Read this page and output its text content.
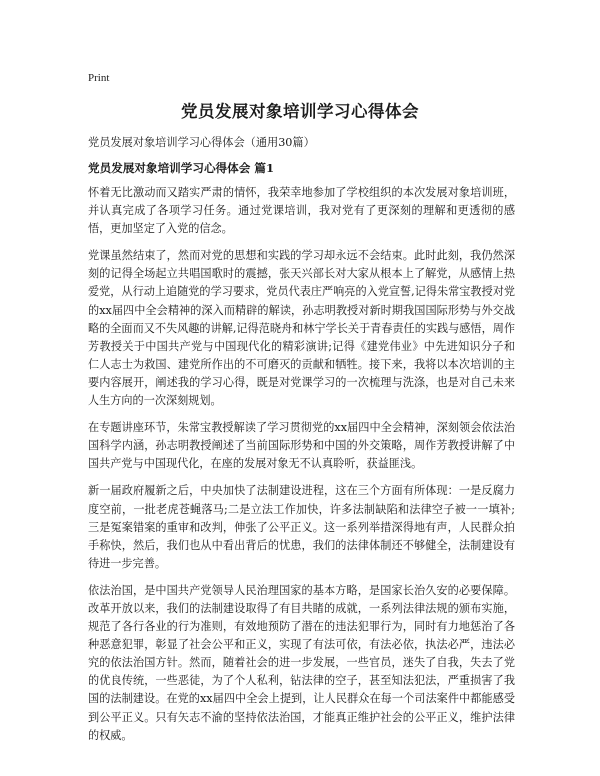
Print
党员发展对象培训学习心得体会
党员发展对象培训学习心得体会（通用30篇）
党员发展对象培训学习心得体会 篇1

怀着无比激动而又踏实严肃的情怀，我荣幸地参加了学校组织的本次发展对象培训班，并认真完成了各项学习任务。通过党课培训，我对党有了更深刻的理解和更透彻的感悟，更加坚定了入党的信念。

党课虽然结束了，然而对党的思想和实践的学习却永远不会结束。此时此刻，我仍然深刻的记得全场起立共唱国歌时的震撼，张天兴部长对大家从根本上了解党，从感情上热爱党，从行动上追随党的学习要求，党员代表庄严响亮的入党宣誓,记得朱常宝教授对党的xx届四中全会精神的深入而精辟的解读，孙志明教授对新时期我国国际形势与外交战略的全面而又不失风趣的讲解,记得范晓舟和林宁学长关于青春责任的实践与感悟，周作芳教授关于中国共产党与中国现代化的精彩演讲;记得《建党伟业》中先进知识分子和仁人志士为救国、建党所作出的不可磨灭的贡献和牺牲。接下来，我将以本次培训的主要内容展开，阐述我的学习心得，既是对党课学习的一次梳理与洗涤，也是对自己未来人生方向的一次深刻规划。

在专题讲座环节，朱常宝教授解读了学习贯彻党的xx届四中全会精神，深刻领会依法治国科学内涵，孙志明教授阐述了当前国际形势和中国的外交策略，周作芳教授讲解了中国共产党与中国现代化，在座的发展对象无不认真聆听，获益匪浅。

新一届政府履新之后，中央加快了法制建设进程，这在三个方面有所体现：一是反腐力度空前，一批老虎苍蝇落马;二是立法工作加快，许多法制缺陷和法律空子被一一填补;三是冤案错案的重审和改判，伸张了公平正义。这一系列举措深得地有声，人民群众拍手称快，然后，我们也从中看出背后的忧患，我们的法律体制还不够健全，法制建设有待进一步完善。

依法治国，是中国共产党领导人民治理国家的基本方略，是国家长治久安的必要保障。改革开放以来，我们的法制建设取得了有目共睹的成就，一系列法律法规的颁布实施，规范了各行各业的行为准则，有效地预防了潜在的违法犯罪行为，同时有力地惩治了各种恶意犯罪，彰显了社会公平和正义，实现了有法可依，有法必依，执法必严，违法必究的依法治国方针。然而，随着社会的进一步发展，一些官员，迷失了自我，失去了党的优良传统，一些恶徒，为了个人私利，钻法律的空子，甚至知法犯法，严重损害了我国的法制建设。在党的xx届四中全会上提到，让人民群众在每一个司法案件中都能感受到公平正义。只有矢志不渝的坚持依法治国，才能真正维护社会的公平正义，维护法律的权威。
